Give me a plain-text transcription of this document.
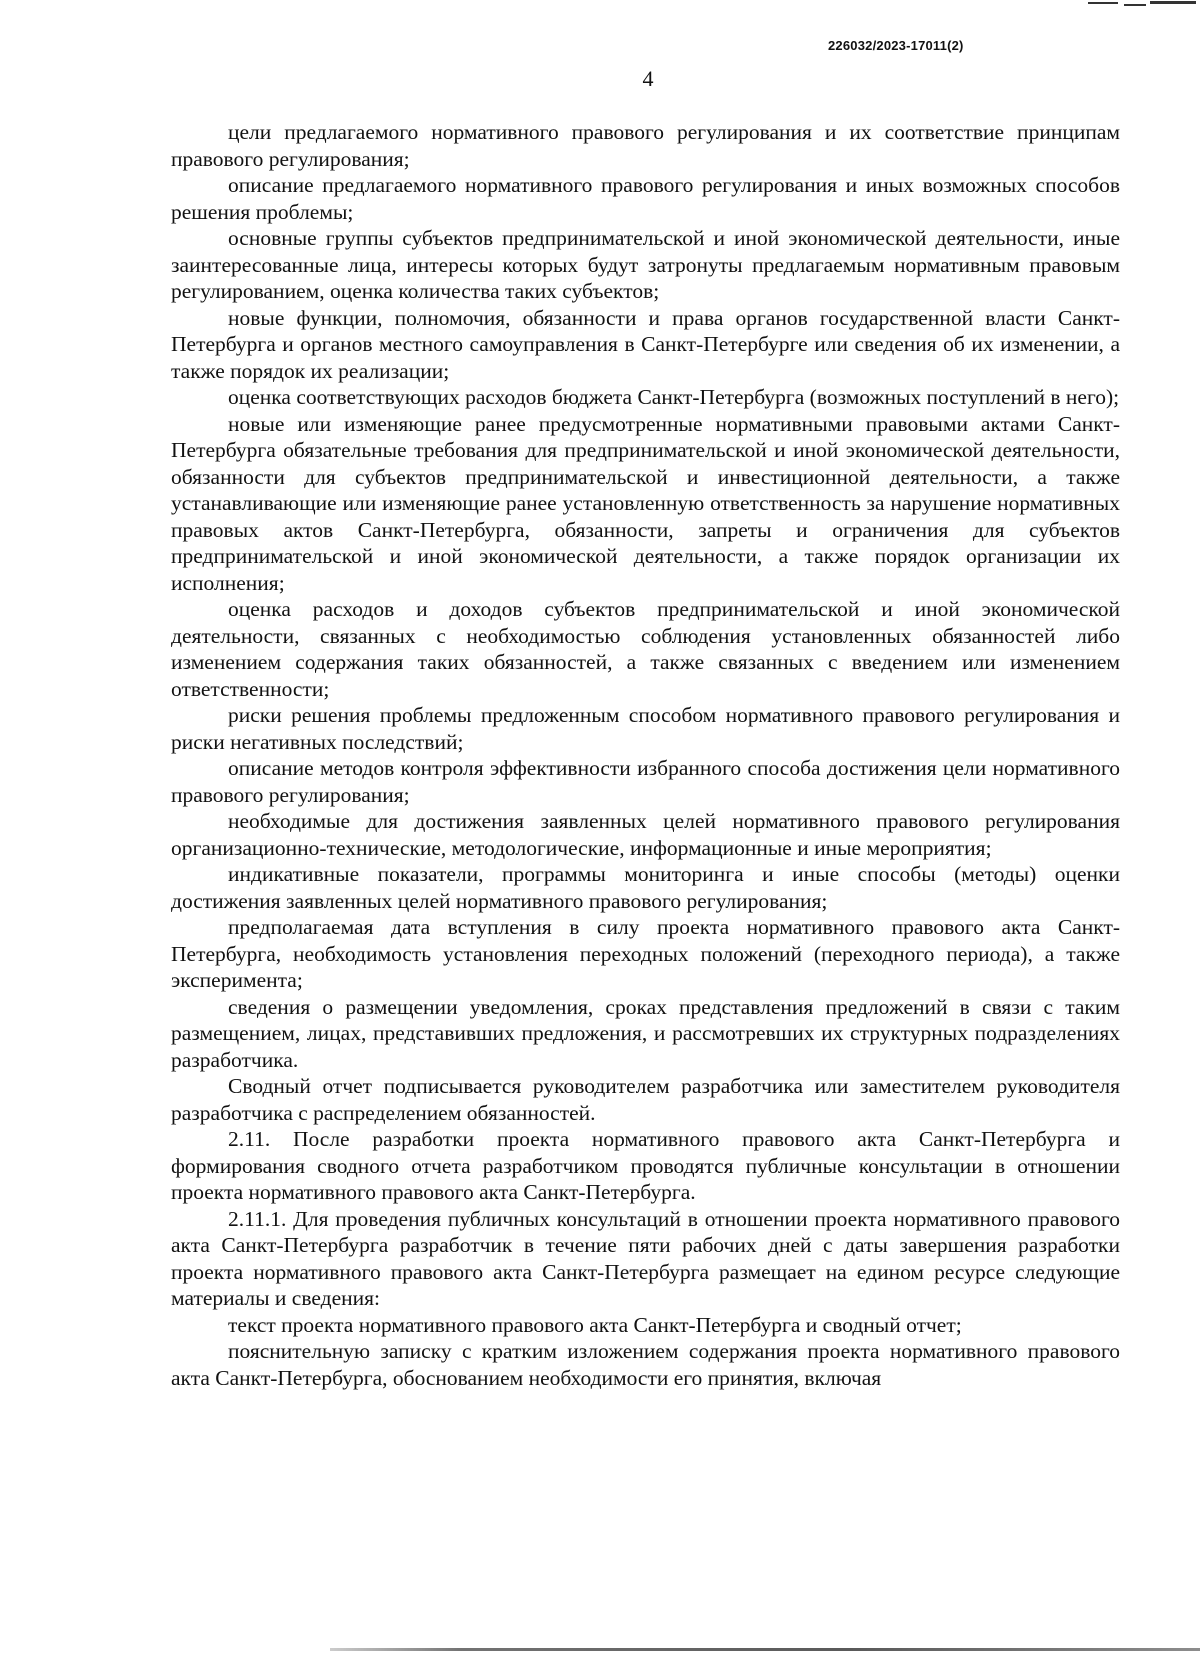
226032/2023-17011(2)
4

цели предлагаемого нормативного правового регулирования и их соответствие принципам правового регулирования;

описание предлагаемого нормативного правового регулирования и иных возможных способов решения проблемы;

основные группы субъектов предпринимательской и иной экономической деятельности, иные заинтересованные лица, интересы которых будут затронуты предлагаемым нормативным правовым регулированием, оценка количества таких субъектов;

новые функции, полномочия, обязанности и права органов государственной власти Санкт-Петербурга и органов местного самоуправления в Санкт-Петербурге или сведения об их изменении, а также порядок их реализации;

оценка соответствующих расходов бюджета Санкт-Петербурга (возможных поступлений в него);

новые или изменяющие ранее предусмотренные нормативными правовыми актами Санкт-Петербурга обязательные требования для предпринимательской и иной экономической деятельности, обязанности для субъектов предпринимательской и инвестиционной деятельности, а также устанавливающие или изменяющие ранее установленную ответственность за нарушение нормативных правовых актов Санкт-Петербурга, обязанности, запреты и ограничения для субъектов предпринимательской и иной экономической деятельности, а также порядок организации их исполнения;

оценка расходов и доходов субъектов предпринимательской и иной экономической деятельности, связанных с необходимостью соблюдения установленных обязанностей либо изменением содержания таких обязанностей, а также связанных с введением или изменением ответственности;

риски решения проблемы предложенным способом нормативного правового регулирования и риски негативных последствий;

описание методов контроля эффективности избранного способа достижения цели нормативного правового регулирования;

необходимые для достижения заявленных целей нормативного правового регулирования организационно-технические, методологические, информационные и иные мероприятия;

индикативные показатели, программы мониторинга и иные способы (методы) оценки достижения заявленных целей нормативного правового регулирования;

предполагаемая дата вступления в силу проекта нормативного правового акта Санкт-Петербурга, необходимость установления переходных положений (переходного периода), а также эксперимента;

сведения о размещении уведомления, сроках представления предложений в связи с таким размещением, лицах, представивших предложения, и рассмотревших их структурных подразделениях разработчика.

Сводный отчет подписывается руководителем разработчика или заместителем руководителя разработчика с распределением обязанностей.

2.11. После разработки проекта нормативного правового акта Санкт-Петербурга и формирования сводного отчета разработчиком проводятся публичные консультации в отношении проекта нормативного правового акта Санкт-Петербурга.

2.11.1. Для проведения публичных консультаций в отношении проекта нормативного правового акта Санкт-Петербурга разработчик в течение пяти рабочих дней с даты завершения разработки проекта нормативного правового акта Санкт-Петербурга размещает на едином ресурсе следующие материалы и сведения:

текст проекта нормативного правового акта Санкт-Петербурга и сводный отчет;

пояснительную записку с кратким изложением содержания проекта нормативного правового акта Санкт-Петербурга, обоснованием необходимости его принятия, включая
